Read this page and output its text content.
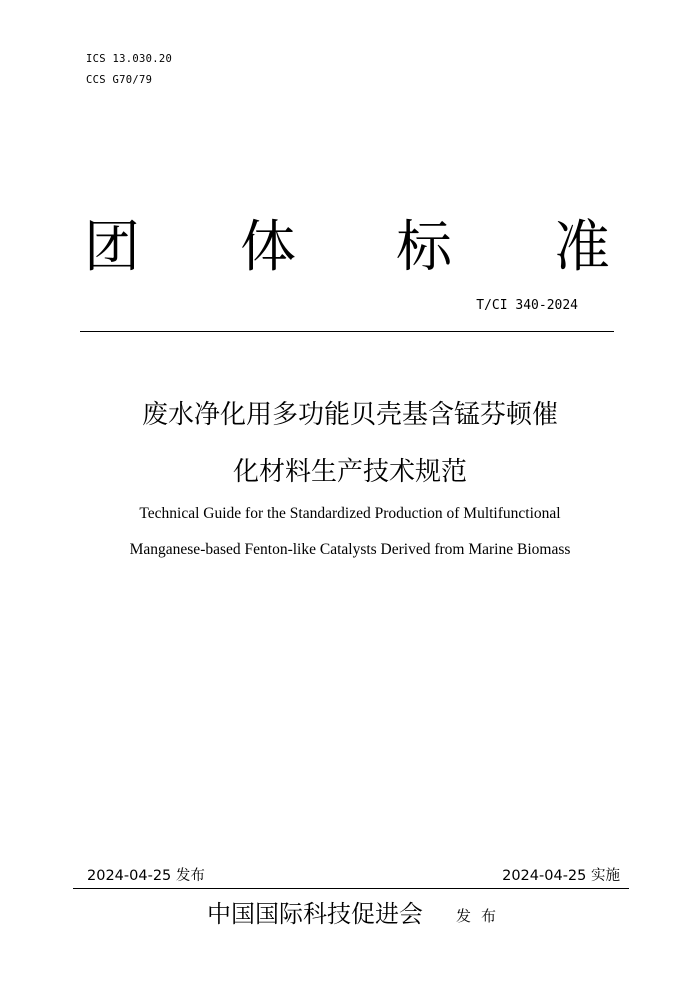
ICS 13.030.20
CCS G70/79
团 体 标 准
T/CI 340-2024
废水净化用多功能贝壳基含锰芬顿催
化材料生产技术规范
Technical Guide for the Standardized Production of Multifunctional
Manganese-based Fenton-like Catalysts Derived from Marine Biomass
2024-04-25 发布	2024-04-25 实施
中国国际科技促进会 发布
